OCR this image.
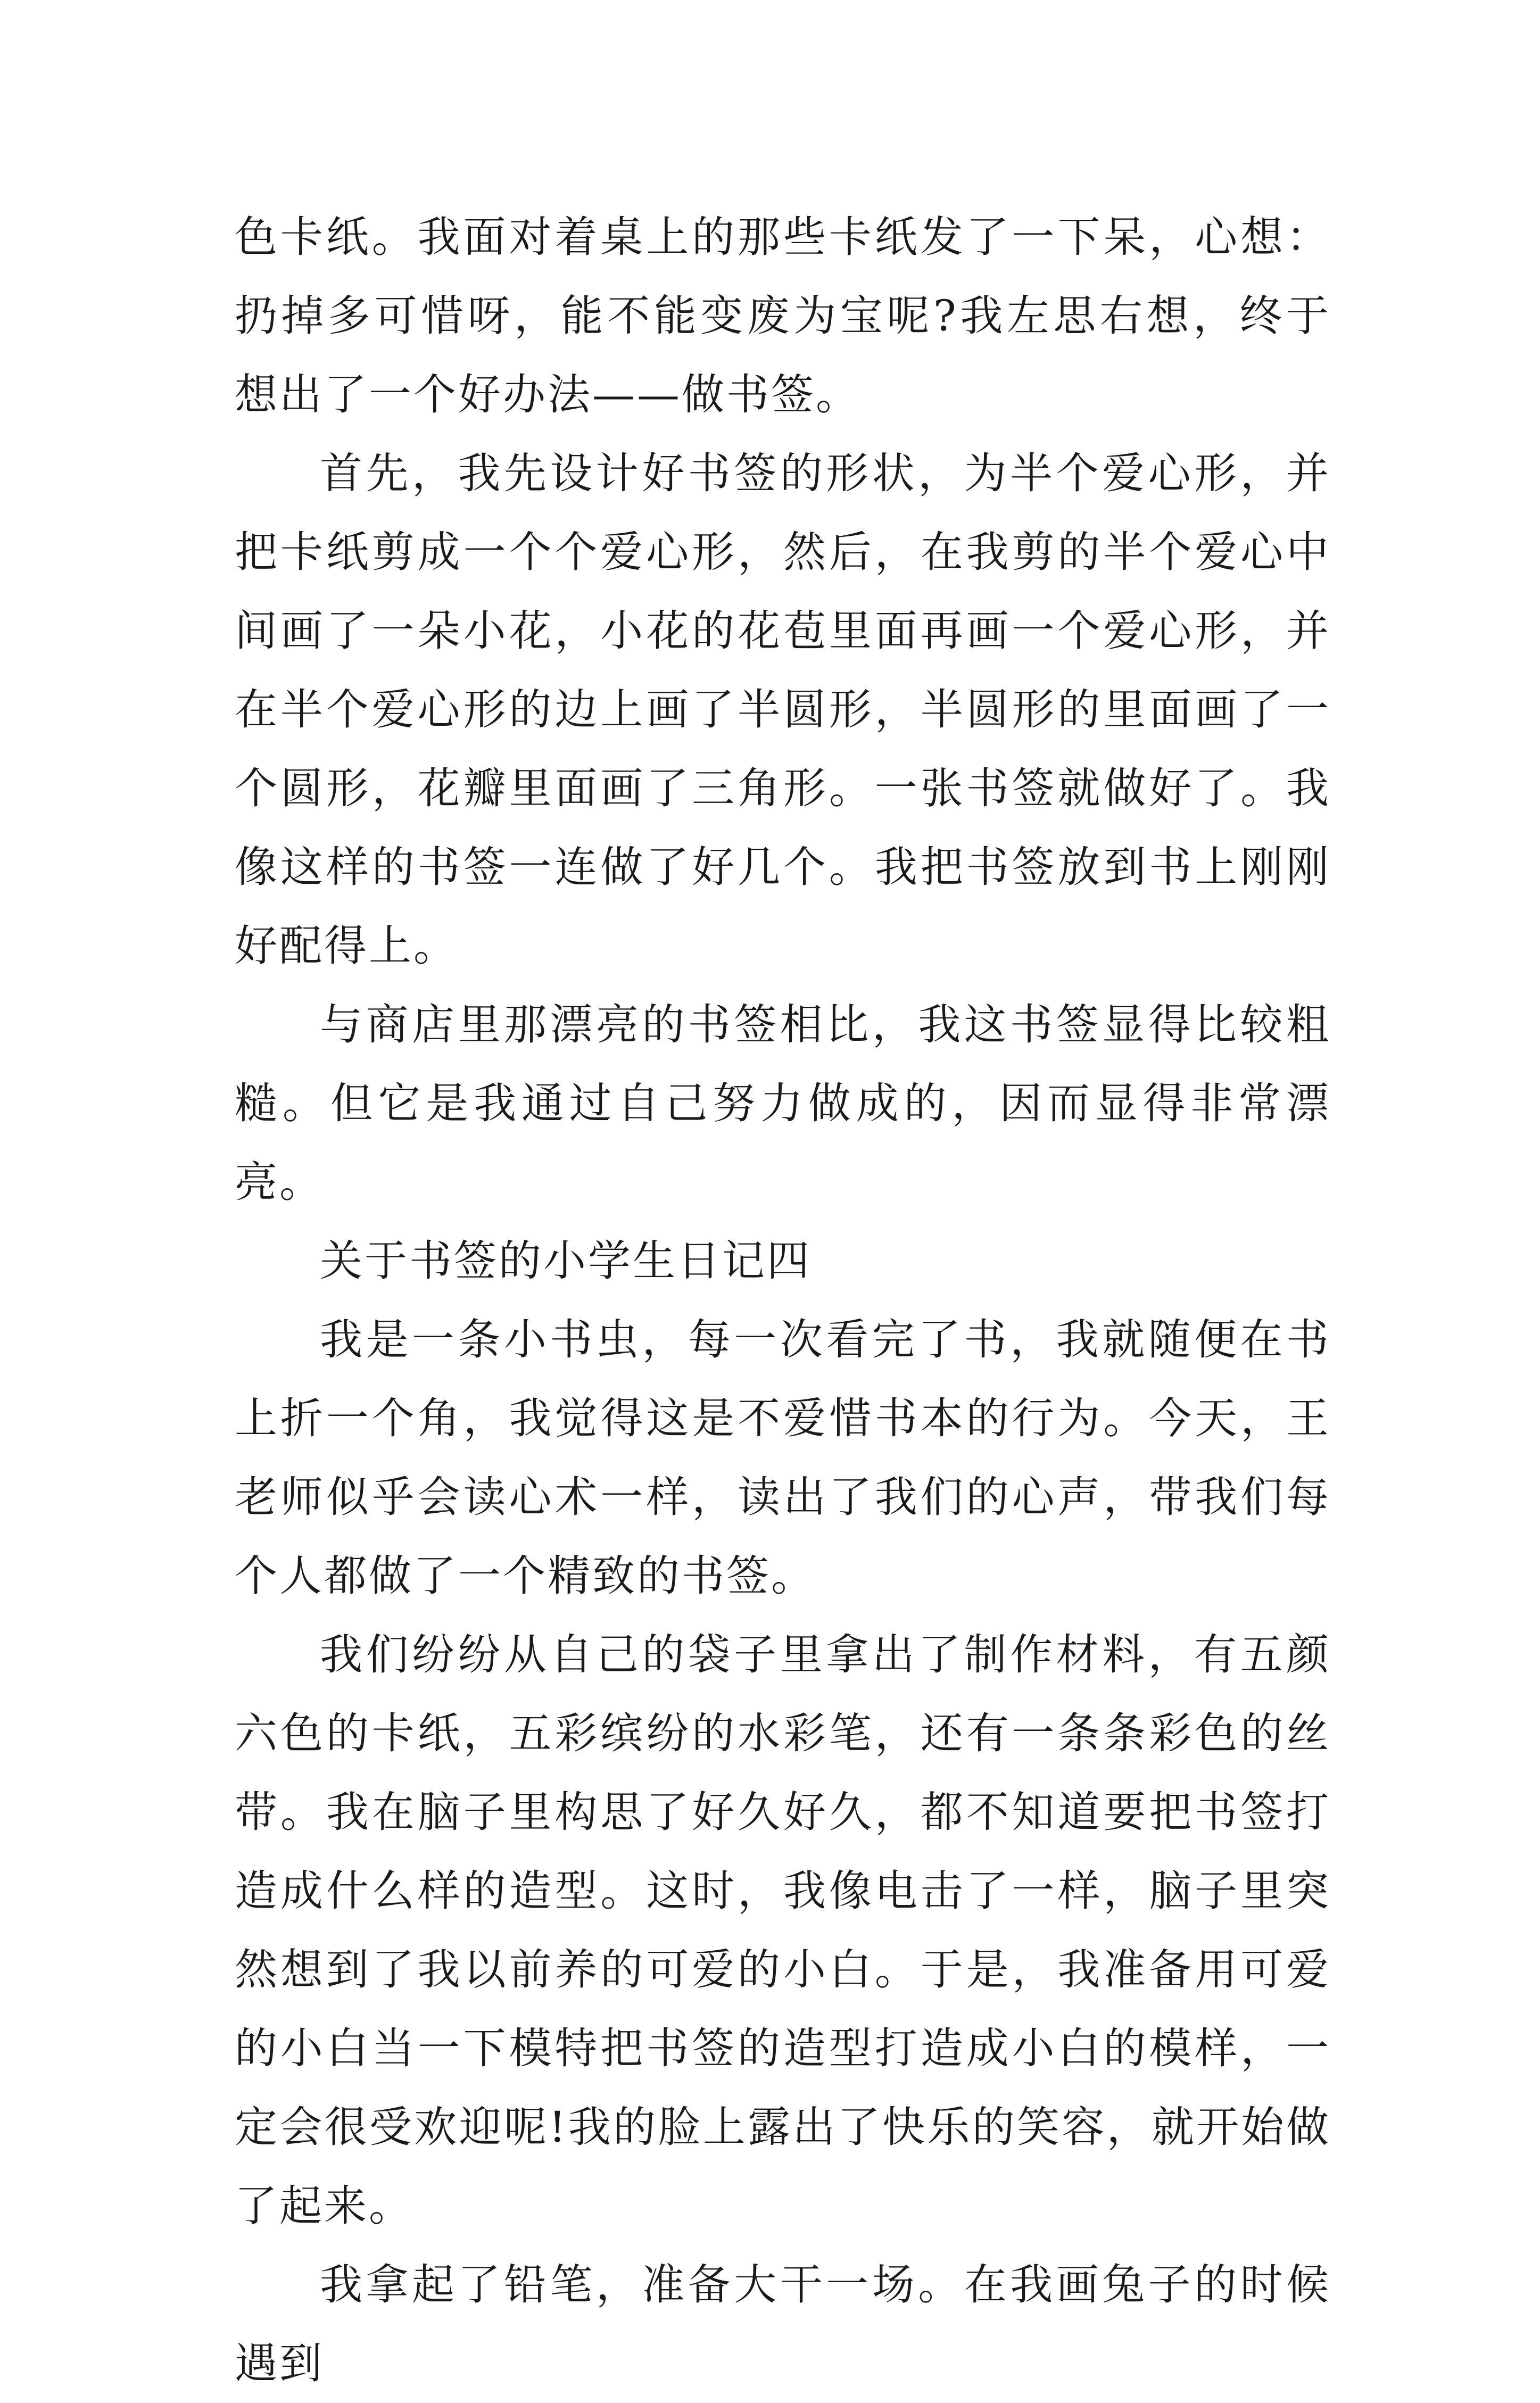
色卡纸。我面对着桌上的那些卡纸发了一下呆，心想：扔掉多可惜呀，能不能变废为宝呢?我左思右想，终于想出了一个好办法——做书签。

首先，我先设计好书签的形状，为半个爱心形，并把卡纸剪成一个个爱心形，然后，在我剪的半个爱心中间画了一朵小花，小花的花苞里面再画一个爱心形，并在半个爱心形的边上画了半圆形，半圆形的里面画了一个圆形，花瓣里面画了三角形。一张书签就做好了。我像这样的书签一连做了好几个。我把书签放到书上刚刚好配得上。

与商店里那漂亮的书签相比，我这书签显得比较粗糙。但它是我通过自己努力做成的，因而显得非常漂亮。

关于书签的小学生日记四

我是一条小书虫，每一次看完了书，我就随便在书上折一个角，我觉得这是不爱惜书本的行为。今天，王老师似乎会读心术一样，读出了我们的心声，带我们每个人都做了一个精致的书签。

我们纷纷从自己的袋子里拿出了制作材料，有五颜六色的卡纸，五彩缤纷的水彩笔，还有一条条彩色的丝带。我在脑子里构思了好久好久，都不知道要把书签打造成什么样的造型。这时，我像电击了一样，脑子里突然想到了我以前养的可爱的小白。于是，我准备用可爱的小白当一下模特把书签的造型打造成小白的模样，一定会很受欢迎呢!我的脸上露出了快乐的笑容，就开始做了起来。

我拿起了铅笔，准备大干一场。在我画兔子的时候遇到
